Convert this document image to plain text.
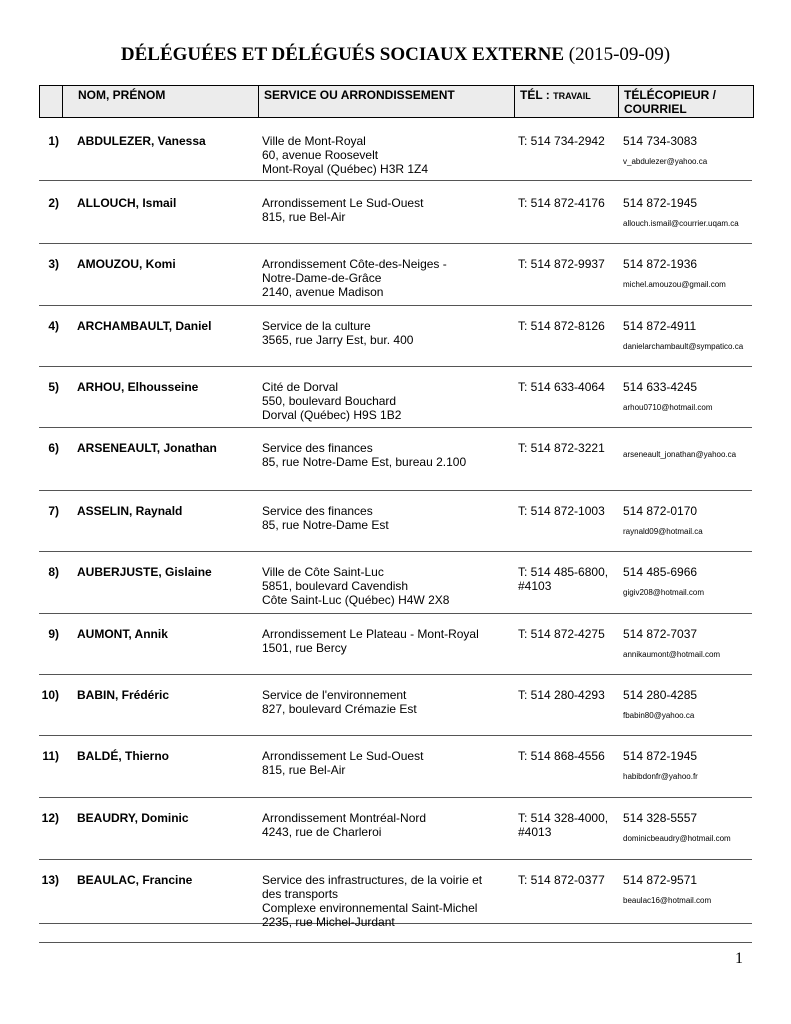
DÉLÉGUÉES ET DÉLÉGUÉS SOCIAUX EXTERNE (2015-09-09)
NOM, PRÉNOM	SERVICE OU ARRONDISSEMENT	TÉL : TRAVAIL	TÉLÉCOPIEUR /
COURRIEL
1) ABDULEZER, Vanessa	Ville de Mont-Royal
60, avenue Roosevelt
Mont-Royal (Québec) H3R 1Z4
T: 514 734-2942	514 734-3083
v_abdulezer@yahoo.ca
2) ALLOUCH, Ismail	Arrondissement Le Sud-Ouest
815, rue Bel-Air
T: 514 872-4176	514 872-1945
allouch.ismail@courrier.uqam.ca
3) AMOUZOU, Komi	Arrondissement Côte-des-Neiges -
Notre-Dame-de-Grâce
2140, avenue Madison
T: 514 872-9937	514 872-1936
michel.amouzou@gmail.com
4) ARCHAMBAULT, Daniel	Service de la culture
3565, rue Jarry Est, bur. 400
T: 514 872-8126	514 872-4911
danielarchambault@sympatico.ca
5) ARHOU, Elhousseine	Cité de Dorval
550, boulevard Bouchard
Dorval (Québec) H9S 1B2
T: 514 633-4064	514 633-4245
arhou0710@hotmail.com
6) ARSENEAULT, Jonathan	Service des finances
85, rue Notre-Dame Est, bureau 2.100
T: 514 872-3221	arseneault_jonathan@yahoo.ca
7) ASSELIN, Raynald	Service des finances
85, rue Notre-Dame Est
T: 514 872-1003	514 872-0170
raynald09@hotmail.ca
8) AUBERJUSTE, Gislaine	Ville de Côte Saint-Luc
5851, boulevard Cavendish
Côte Saint-Luc (Québec) H4W 2X8
T: 514 485-6800, #4103
514 485-6966
gigiv208@hotmail.com
9) AUMONT, Annik	Arrondissement Le Plateau - Mont-Royal
1501, rue Bercy
T: 514 872-4275	514 872-7037
annikaumont@hotmail.com
10) BABIN, Frédéric	Service de l'environnement
827, boulevard Crémazie Est
T: 514 280-4293	514 280-4285
fbabin80@yahoo.ca
11) BALDÉ, Thierno	Arrondissement Le Sud-Ouest
815, rue Bel-Air
T: 514 868-4556	514 872-1945
habibdonfr@yahoo.fr
12) BEAUDRY, Dominic	Arrondissement Montréal-Nord
4243, rue de Charleroi
T: 514 328-4000, #4013
514 328-5557
dominicbeaudry@hotmail.com
13) BEAULAC, Francine	Service des infrastructures, de la voirie et
des transports
Complexe environnemental Saint-Michel
2235, rue Michel-Jurdant
T: 514 872-0377	514 872-9571
beaulac16@hotmail.com
1
